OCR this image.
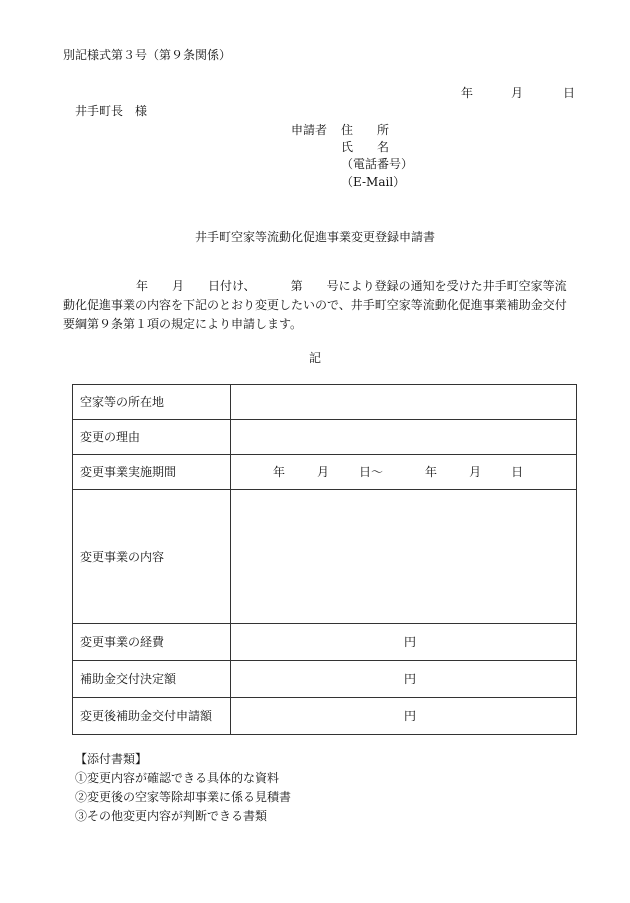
別記様式第３号（第９条関係）
年	月	日
井手町長　様
申請者 住　　所
氏　　名
（電話番号）
（E-Mail）
井手町空家等流動化促進事業変更登録申請書
年 月 日付け、	第 号により登録の通知を受けた井手町空家等流
動化促進事業の内容を下記のとおり変更したいので、井手町空家等流動化促進事業補助金交付
要綱第９条第１項の規定により申請します。
記
空家等の所在地	
変更の理由	
変更事業実施期間	年 月 日～ 年 月 日
変更事業の内容	
変更事業の経費	円
補助金交付決定額	円
変更後補助金交付申請額	円
【添付書類】
①変更内容が確認できる具体的な資料
②変更後の空家等除却事業に係る見積書
③その他変更内容が判断できる書類
